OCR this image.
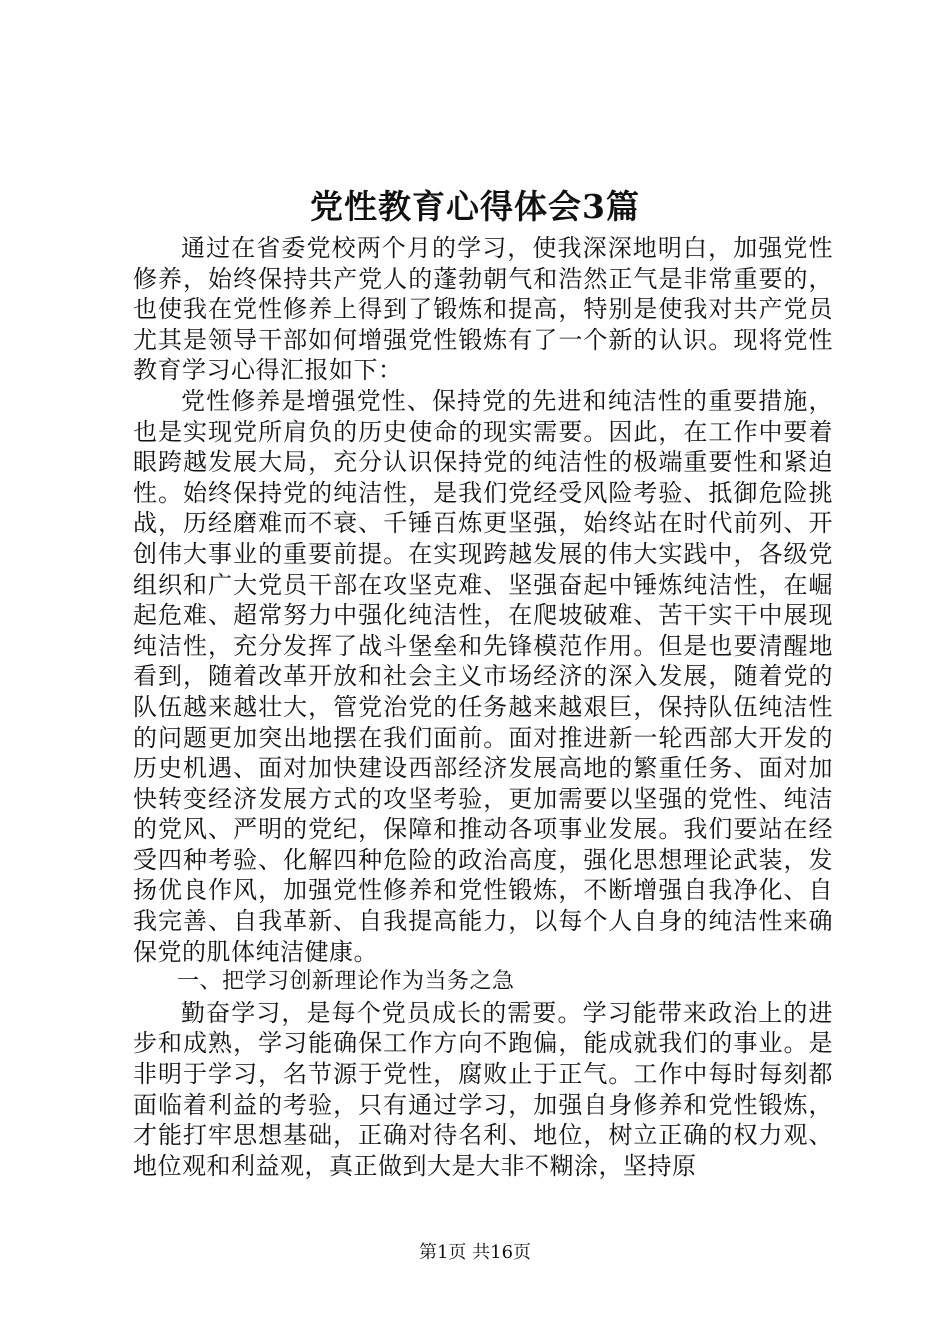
党性教育心得体会3篇

通过在省委党校两个月的学习，使我深深地明白，加强党性修养，始终保持共产党人的蓬勃朝气和浩然正气是非常重要的，也使我在党性修养上得到了锻炼和提高，特别是使我对共产党员尤其是领导干部如何增强党性锻炼有了一个新的认识。现将党性教育学习心得汇报如下：

党性修养是增强党性、保持党的先进和纯洁性的重要措施，也是实现党所肩负的历史使命的现实需要。因此，在工作中要着眼跨越发展大局，充分认识保持党的纯洁性的极端重要性和紧迫性。始终保持党的纯洁性，是我们党经受风险考验、抵御危险挑战，历经磨难而不衰、千锤百炼更坚强，始终站在时代前列、开创伟大事业的重要前提。在实现跨越发展的伟大实践中，各级党组织和广大党员干部在攻坚克难、坚强奋起中锤炼纯洁性，在崛起危难、超常努力中强化纯洁性，在爬坡破难、苦干实干中展现纯洁性，充分发挥了战斗堡垒和先锋模范作用。但是也要清醒地看到，随着改革开放和社会主义市场经济的深入发展，随着党的队伍越来越壮大，管党治党的任务越来越艰巨，保持队伍纯洁性的问题更加突出地摆在我们面前。面对推进新一轮西部大开发的历史机遇、面对加快建设西部经济发展高地的繁重任务、面对加快转变经济发展方式的攻坚考验，更加需要以坚强的党性、纯洁的党风、严明的党纪，保障和推动各项事业发展。我们要站在经受四种考验、化解四种危险的政治高度，强化思想理论武装，发扬优良作风，加强党性修养和党性锻炼，不断增强自我净化、自我完善、自我革新、自我提高能力，以每个人自身的纯洁性来确保党的肌体纯洁健康。

一、把学习创新理论作为当务之急

勤奋学习，是每个党员成长的需要。学习能带来政治上的进步和成熟，学习能确保工作方向不跑偏，能成就我们的事业。是非明于学习，名节源于党性，腐败止于正气。工作中每时每刻都面临着利益的考验，只有通过学习，加强自身修养和党性锻炼，才能打牢思想基础，正确对待名利、地位，树立正确的权力观、地位观和利益观，真正做到大是大非不糊涂，坚持原

第1页 共16页
